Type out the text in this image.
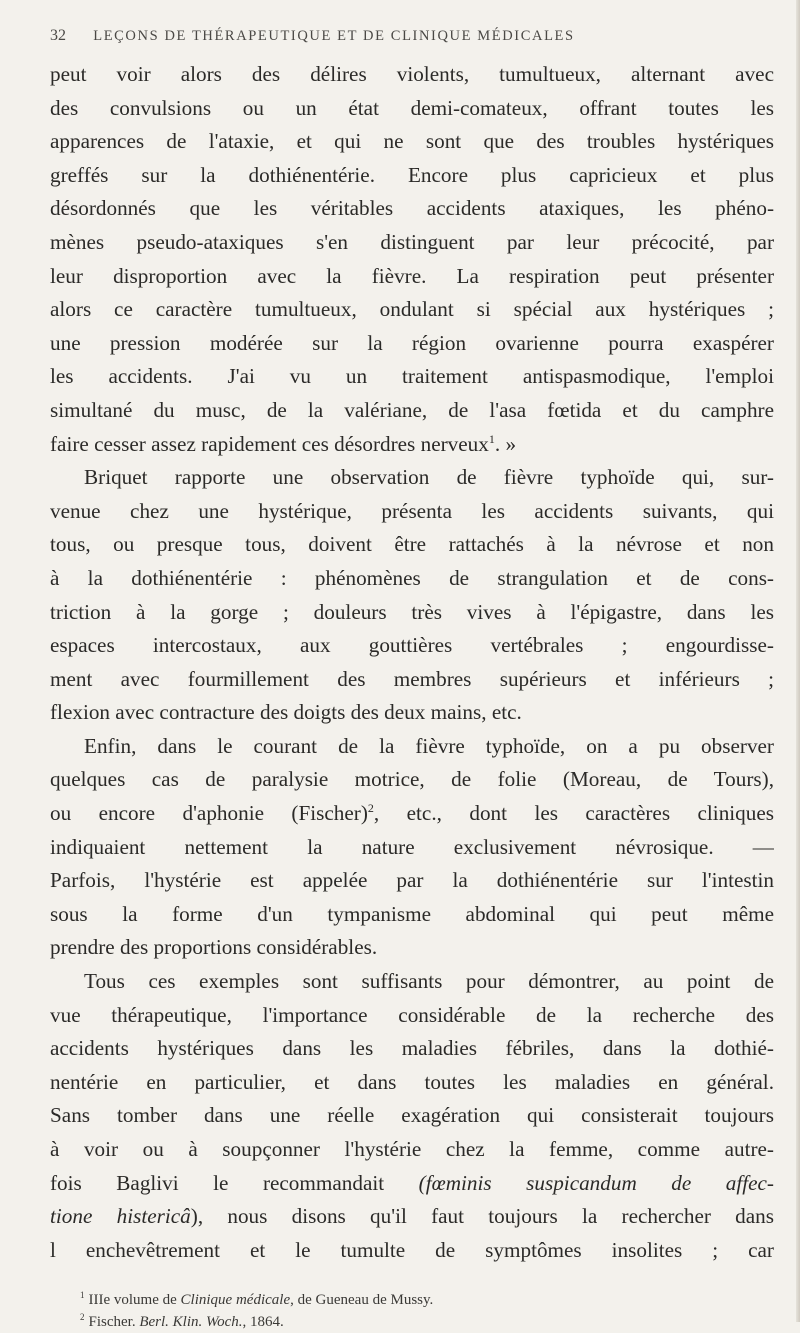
32 LEÇONS DE THÉRAPEUTIQUE ET DE CLINIQUE MÉDICALES
peut voir alors des délires violents, tumultueux, alternant avec
des convulsions ou un état demi-comateux, offrant toutes les
apparences de l'ataxie, et qui ne sont que des troubles hystériques
greffés sur la dothiénentérie. Encore plus capricieux et plus
désordonnés que les véritables accidents ataxiques, les phéno-
mènes pseudo-ataxiques s'en distinguent par leur précocité, par
leur disproportion avec la fièvre. La respiration peut présenter
alors ce caractère tumultueux, ondulant si spécial aux hystériques ;
une pression modérée sur la région ovarienne pourra exaspérer
les accidents. J'ai vu un traitement antispasmodique, l'emploi
simultané du musc, de la valériane, de l'asa fœtida et du camphre
faire cesser assez rapidement ces désordres nerveux$^1$. »
Briquet rapporte une observation de fièvre typhoïde qui, sur-
venue chez une hystérique, présenta les accidents suivants, qui
tous, ou presque tous, doivent être rattachés à la névrose et non
à la dothiénentérie : phénomènes de strangulation et de cons-
triction à la gorge ; douleurs très vives à l'épigastre, dans les
espaces intercostaux, aux gouttières vertébrales ; engourdisse-
ment avec fourmillement des membres supérieurs et inférieurs ;
flexion avec contracture des doigts des deux mains, etc.
Enfin, dans le courant de la fièvre typhoïde, on a pu observer
quelques cas de paralysie motrice, de folie (Moreau, de Tours),
ou encore d'aphonie (Fischer)$^2$, etc., dont les caractères cliniques
indiquaient nettement la nature exclusivement névrosique. —
Parfois, l'hystérie est appelée par la dothiénentérie sur l'intestin
sous la forme d'un tympanisme abdominal qui peut même
prendre des proportions considérables.
Tous ces exemples sont suffisants pour démontrer, au point de
vue thérapeutique, l'importance considérable de la recherche des
accidents hystériques dans les maladies fébriles, dans la dothié-
nentérie en particulier, et dans toutes les maladies en général.
Sans tomber dans une réelle exagération qui consisterait toujours
à voir ou à soupçonner l'hystérie chez la femme, comme autre-
fois Baglivi le recommandait (fœminis suspicandum de affec-
tione histericâ), nous disons qu'il faut toujours la rechercher dans
l enchevêtrement et le tumulte de symptômes insolites ; car
$^1$ IIIe volume de Clinique médicale, de Gueneau de Mussy.
$^2$ Fischer. Berl. Klin. Woch., 1864.
